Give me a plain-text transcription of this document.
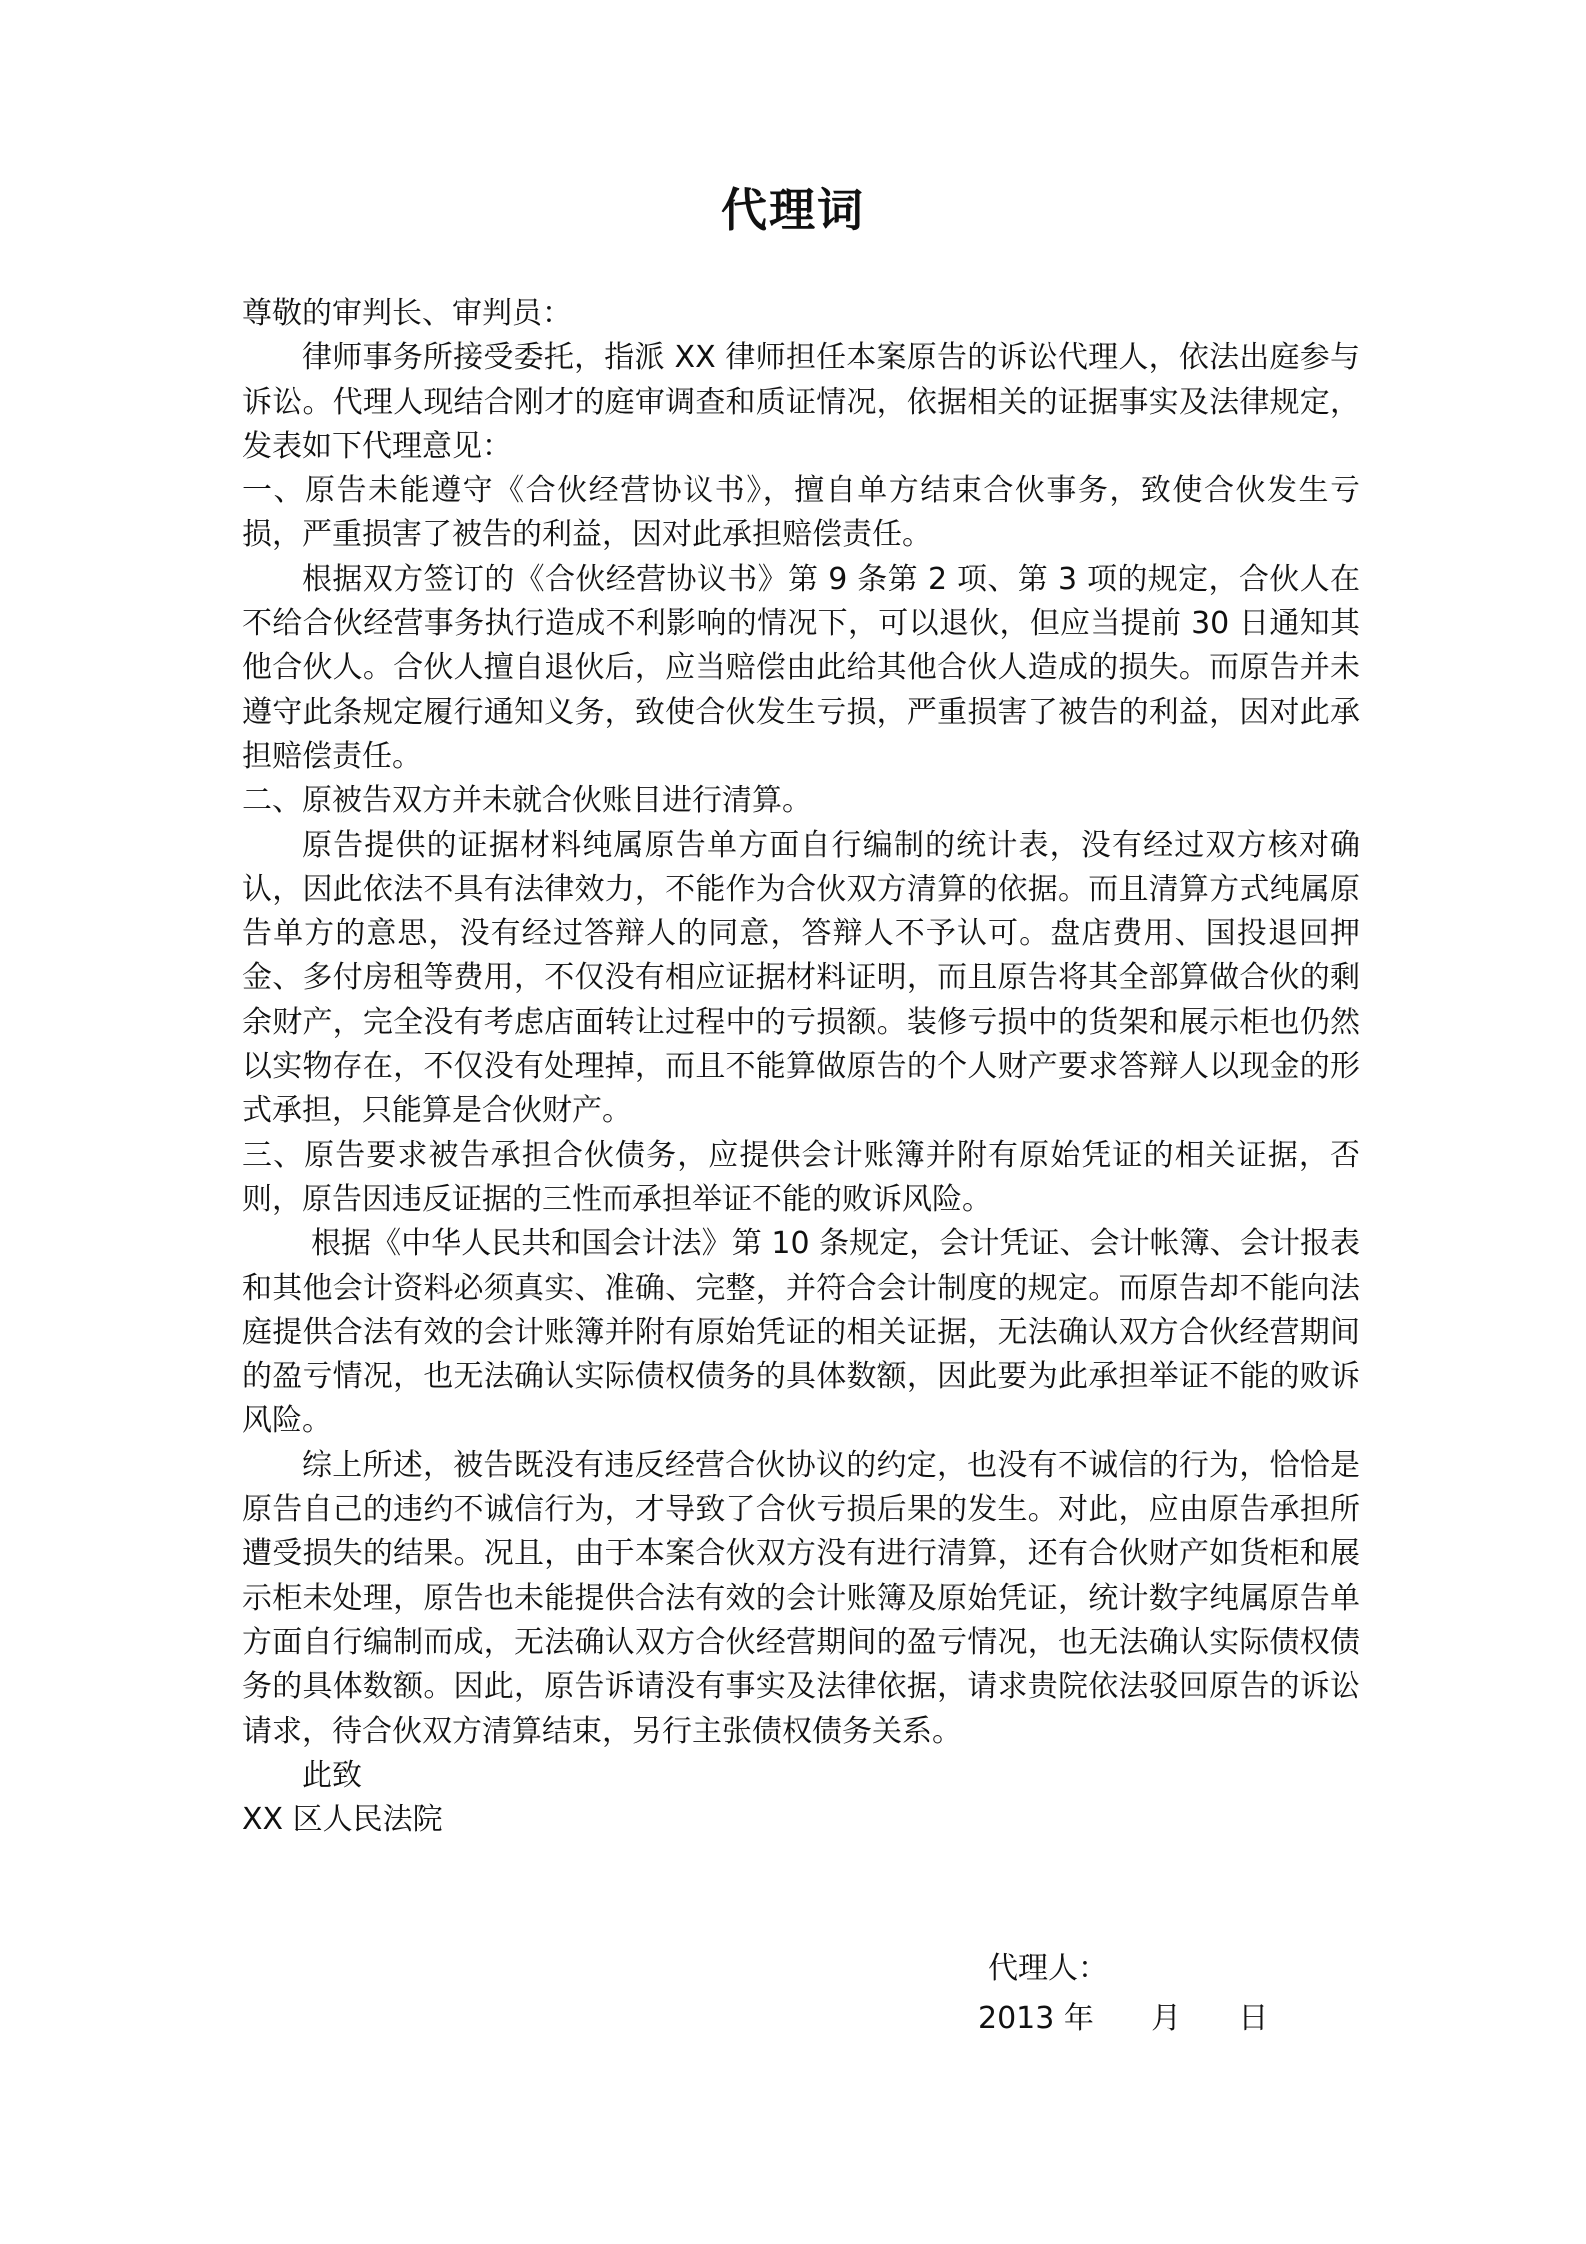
代理词

尊敬的审判长、审判员：

律师事务所接受委托，指派 XX 律师担任本案原告的诉讼代理人，依法出庭参与诉讼。代理人现结合刚才的庭审调查和质证情况，依据相关的证据事实及法律规定，发表如下代理意见：

一、原告未能遵守《合伙经营协议书》，擅自单方结束合伙事务，致使合伙发生亏损，严重损害了被告的利益，因对此承担赔偿责任。

根据双方签订的《合伙经营协议书》第 9 条第 2 项、第 3 项的规定，合伙人在不给合伙经营事务执行造成不利影响的情况下，可以退伙，但应当提前 30 日通知其他合伙人。合伙人擅自退伙后，应当赔偿由此给其他合伙人造成的损失。而原告并未遵守此条规定履行通知义务，致使合伙发生亏损，严重损害了被告的利益，因对此承担赔偿责任。

二、原被告双方并未就合伙账目进行清算。

原告提供的证据材料纯属原告单方面自行编制的统计表，没有经过双方核对确认，因此依法不具有法律效力，不能作为合伙双方清算的依据。而且清算方式纯属原告单方的意思，没有经过答辩人的同意，答辩人不予认可。盘店费用、国投退回押金、多付房租等费用，不仅没有相应证据材料证明，而且原告将其全部算做合伙的剩余财产，完全没有考虑店面转让过程中的亏损额。装修亏损中的货架和展示柜也仍然以实物存在，不仅没有处理掉，而且不能算做原告的个人财产要求答辩人以现金的形式承担，只能算是合伙财产。

三、原告要求被告承担合伙债务，应提供会计账簿并附有原始凭证的相关证据，否则，原告因违反证据的三性而承担举证不能的败诉风险。

根据《中华人民共和国会计法》第 10 条规定，会计凭证、会计帐簿、会计报表和其他会计资料必须真实、准确、完整，并符合会计制度的规定。而原告却不能向法庭提供合法有效的会计账簿并附有原始凭证的相关证据，无法确认双方合伙经营期间的盈亏情况，也无法确认实际债权债务的具体数额，因此要为此承担举证不能的败诉风险。

综上所述，被告既没有违反经营合伙协议的约定，也没有不诚信的行为，恰恰是原告自己的违约不诚信行为，才导致了合伙亏损后果的发生。对此，应由原告承担所遭受损失的结果。况且，由于本案合伙双方没有进行清算，还有合伙财产如货柜和展示柜未处理，原告也未能提供合法有效的会计账簿及原始凭证，统计数字纯属原告单方面自行编制而成，无法确认双方合伙经营期间的盈亏情况，也无法确认实际债权债务的具体数额。因此，原告诉请没有事实及法律依据，请求贵院依法驳回原告的诉讼请求，待合伙双方清算结束，另行主张债权债务关系。

此致

XX 区人民法院

代理人：
2013 年      月      日
